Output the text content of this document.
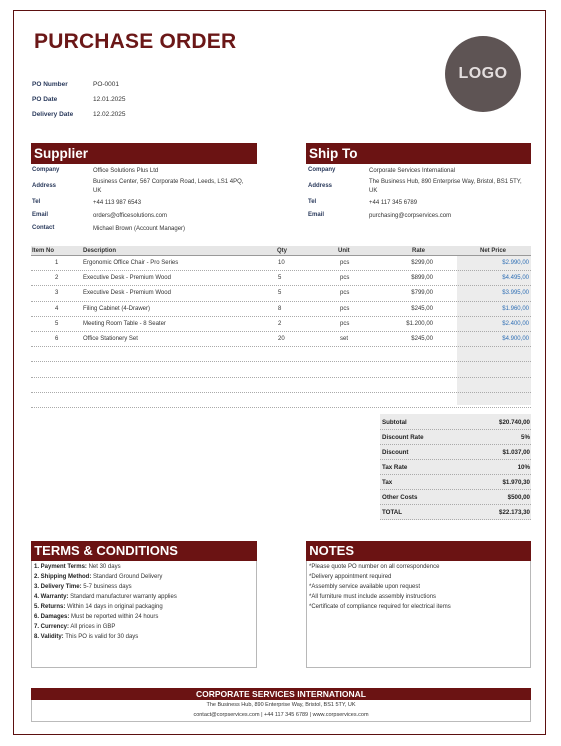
PURCHASE ORDER
LOGO
PO Number	PO-0001
PO Date	12.01.2025
Delivery Date	12.02.2025
Supplier
Company	Office Solutions Plus Ltd
Address
Business Center, 567 Corporate Road, Leeds, LS1 4PQ, UK
Tel	+44 113 987 6543
Email	orders@officesolutions.com
Contact	Michael Brown (Account Manager)
Ship To
Company	Corporate Services International
Address
The Business Hub, 890 Enterprise Way, Bristol, BS1 5TY, UK
Tel	+44 117 345 6789
Email	purchasing@corpservices.com
Item No	Description	Qty	Unit	Rate	Net Price
1	Ergonomic Office Chair - Pro Series	10	pcs	$299,00	$2.990,00
2	Executive Desk - Premium Wood	5	pcs	$899,00	$4.495,00
3	Executive Desk - Premium Wood	5	pcs	$799,00	$3.995,00
4	Filing Cabinet (4-Drawer)	8	pcs	$245,00	$1.960,00
5	Meeting Room Table - 8 Seater	2	pcs	$1.200,00	$2.400,00
6	Office Stationery Set	20	set	$245,00	$4.900,00
Subtotal	$20.740,00
Discount Rate	5%
Discount	$1.037,00
Tax Rate	10%
Tax	$1.970,30
Other Costs	$500,00
TOTAL	$22.173,30
TERMS & CONDITIONS
1. Payment Terms: Net 30 days
2. Shipping Method: Standard Ground Delivery
3. Delivery Time: 5-7 business days
4. Warranty: Standard manufacturer warranty applies
5. Returns: Within 14 days in original packaging
6. Damages: Must be reported within 24 hours
7. Currency: All prices in GBP
8. Validity: This PO is valid for 30 days
NOTES
*Please quote PO number on all correspondence
*Delivery appointment required
*Assembly service available upon request
*All furniture must include assembly instructions
*Certificate of compliance required for electrical items
CORPORATE SERVICES INTERNATIONAL
The Business Hub, 890 Enterprise Way, Bristol, BS1 5TY, UK
contact@corpservices.com | +44 117 345 6789 | www.corpservices.com
